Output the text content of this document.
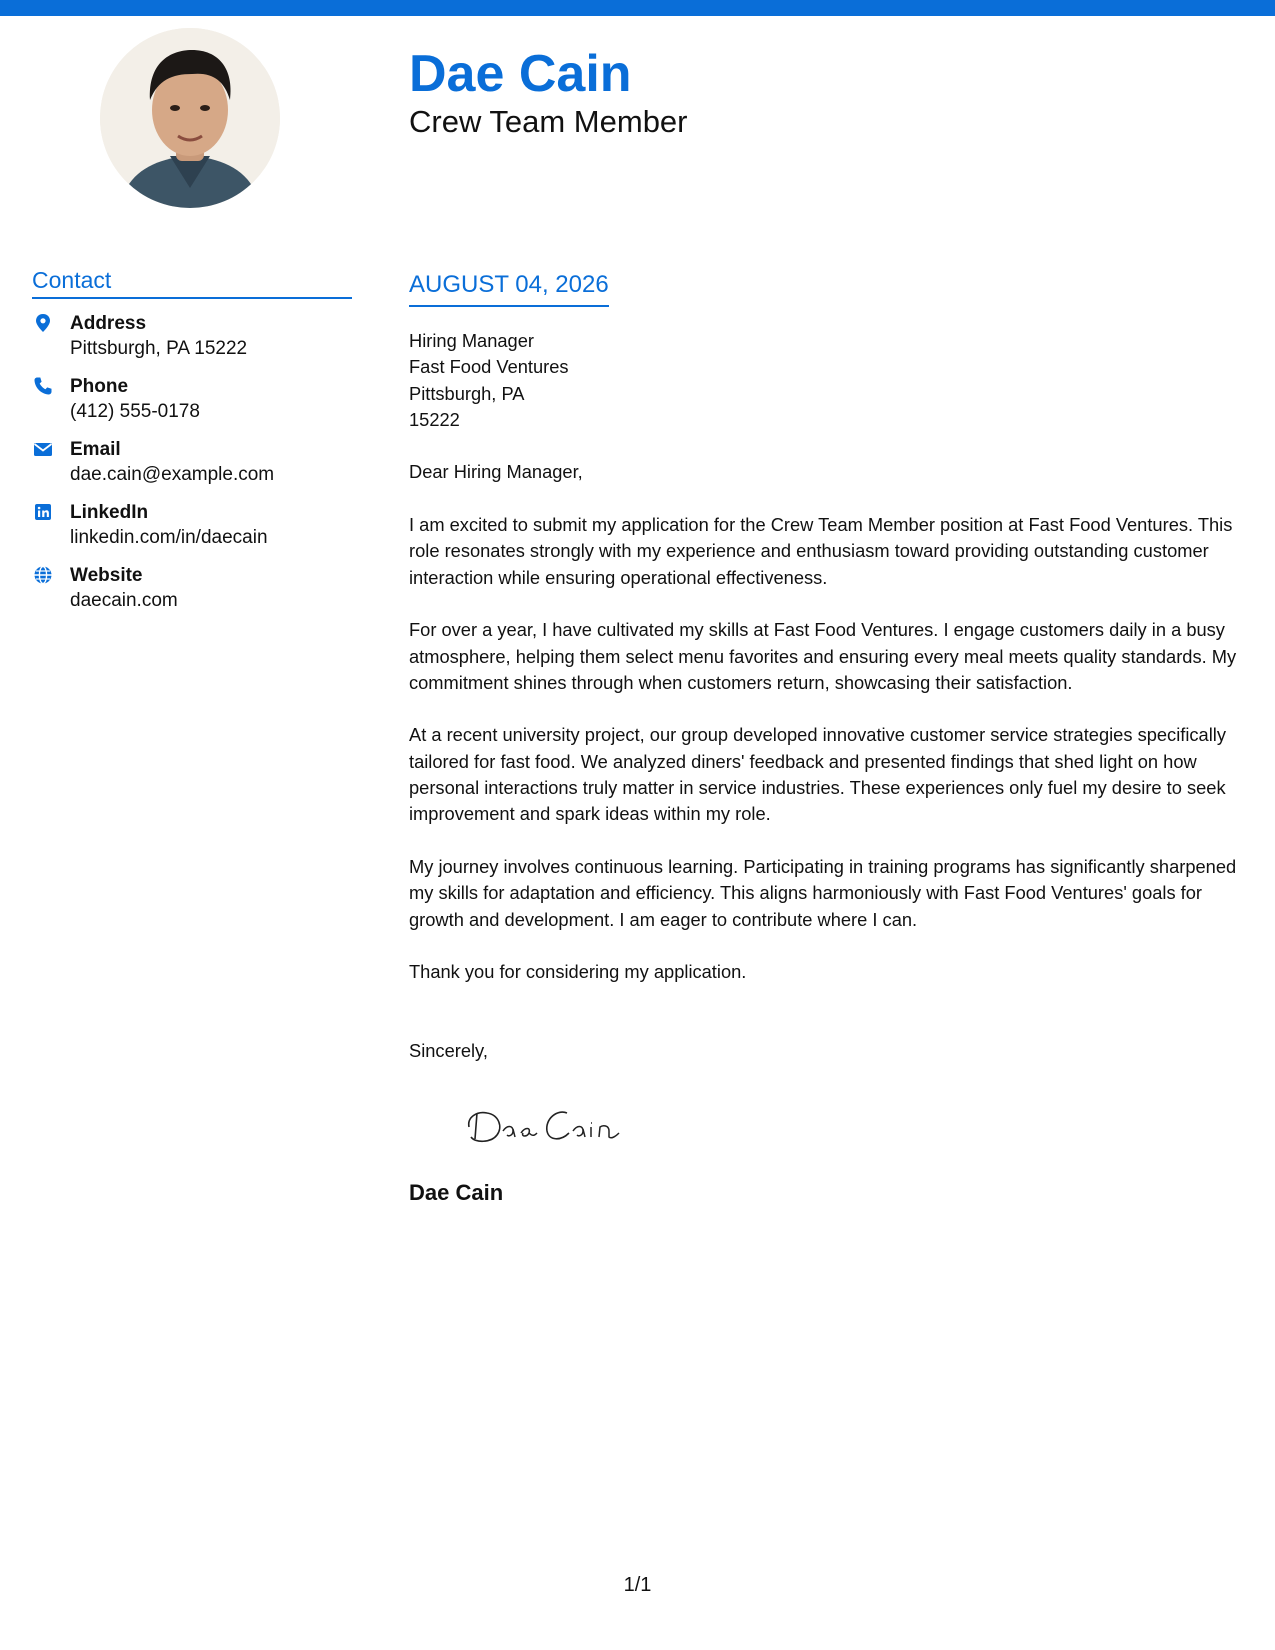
Dae Cain
Crew Team Member
Contact
Address
Pittsburgh, PA 15222
Phone
(412) 555-0178
Email
dae.cain@example.com
LinkedIn
linkedin.com/in/daecain
Website
daecain.com
AUGUST 04, 2026
Hiring Manager
Fast Food Ventures
Pittsburgh, PA
15222

Dear Hiring Manager,

I am excited to submit my application for the Crew Team Member position at Fast Food Ventures. This role resonates strongly with my experience and enthusiasm toward providing outstanding customer interaction while ensuring operational effectiveness.

For over a year, I have cultivated my skills at Fast Food Ventures. I engage customers daily in a busy atmosphere, helping them select menu favorites and ensuring every meal meets quality standards. My commitment shines through when customers return, showcasing their satisfaction.

At a recent university project, our group developed innovative customer service strategies specifically tailored for fast food. We analyzed diners' feedback and presented findings that shed light on how personal interactions truly matter in service industries. These experiences only fuel my desire to seek improvement and spark ideas within my role.

My journey involves continuous learning. Participating in training programs has significantly sharpened my skills for adaptation and efficiency. This aligns harmoniously with Fast Food Ventures' goals for growth and development. I am eager to contribute where I can.

Thank you for considering my application.

Sincerely,
Dae Cain
1/1
